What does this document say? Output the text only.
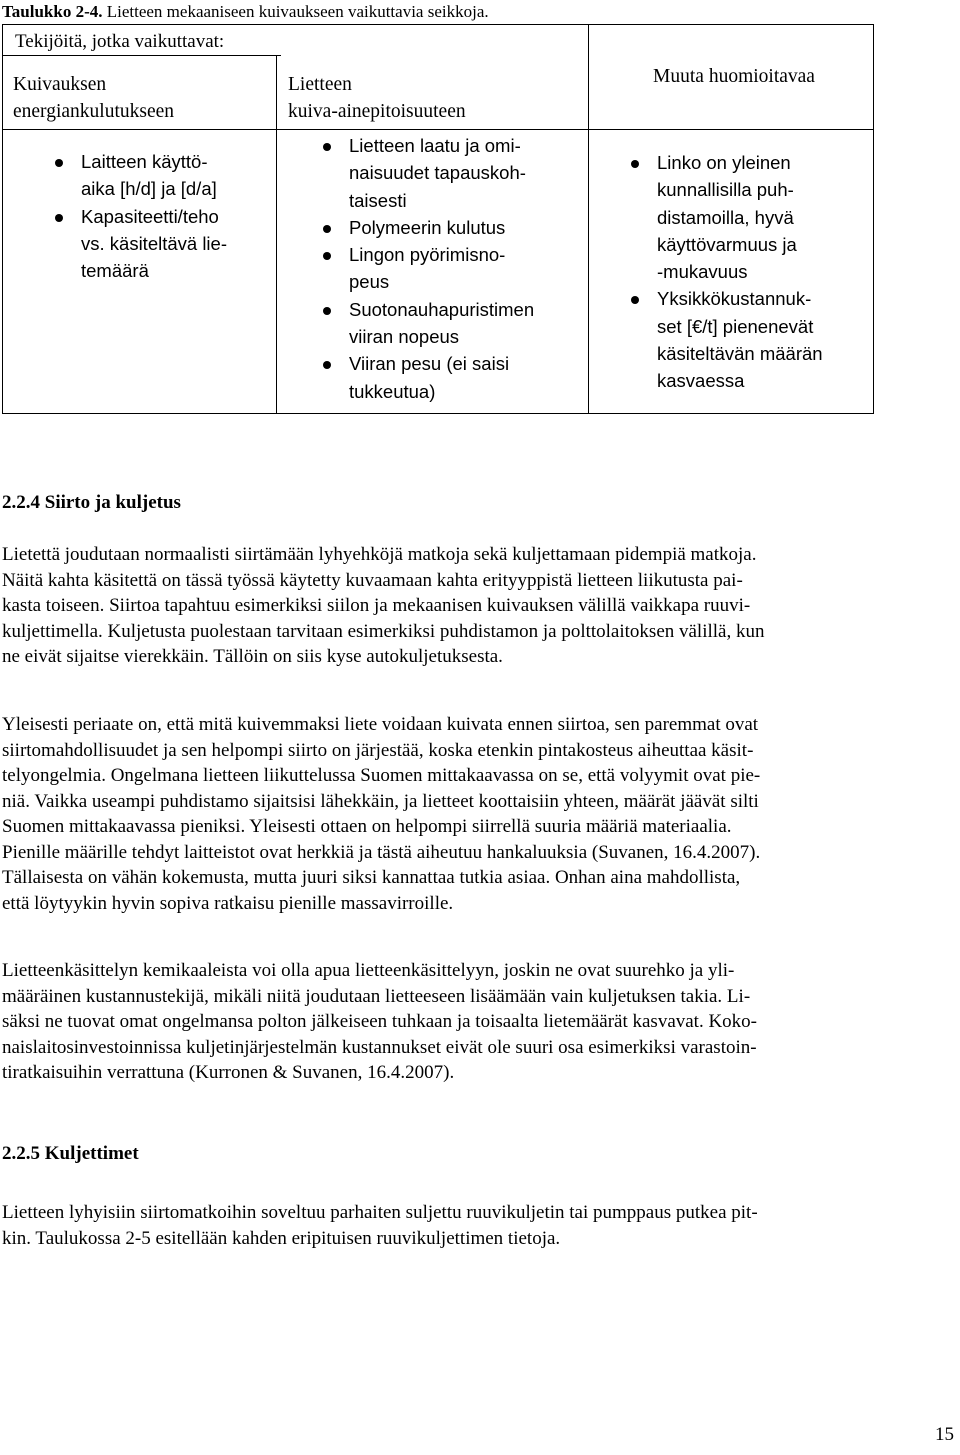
Taulukko 2-4. Lietteen mekaaniseen kuivaukseen vaikuttavia seikkoja.
Tekijöitä, jotka vaikuttavat:
Kuivauksen
energiankulutukseen
Lietteen
kuiva-ainepitoisuuteen
Muuta huomioitavaa
Laitteen käyttö-
aika [h/d] ja [d/a]
Kapasiteetti/teho
vs. käsiteltävä lie-
temäärä
Lietteen laatu ja omi-
naisuudet tapauskoh-
taisesti
Polymeerin kulutus
Lingon pyörimisno-
peus
Suotonauhapuristimen
viiran nopeus
Viiran pesu (ei saisi
tukkeutua)
Linko on yleinen
kunnallisilla puh-
distamoilla, hyvä
käyttövarmuus ja
-mukavuus
Yksikkökustannuk-
set [€/t] pienenevät
käsiteltävän määrän
kasvaessa
2.2.4 Siirto ja kuljetus
Lietettä joudutaan normaalisti siirtämään lyhyehköjä matkoja sekä kuljettamaan pidempiä matkoja.
Näitä kahta käsitettä on tässä työssä käytetty kuvaamaan kahta erityyppistä lietteen liikutusta pai-
kasta toiseen. Siirtoa tapahtuu esimerkiksi siilon ja mekaanisen kuivauksen välillä vaikkapa ruuvi-
kuljettimella. Kuljetusta puolestaan tarvitaan esimerkiksi puhdistamon ja polttolaitoksen välillä, kun
ne eivät sijaitse vierekkäin. Tällöin on siis kyse autokuljetuksesta.
Yleisesti periaate on, että mitä kuivemmaksi liete voidaan kuivata ennen siirtoa, sen paremmat ovat
siirtomahdollisuudet ja sen helpompi siirto on järjestää, koska etenkin pintakosteus aiheuttaa käsit-
telyongelmia. Ongelmana lietteen liikuttelussa Suomen mittakaavassa on se, että volyymit ovat pie-
niä. Vaikka useampi puhdistamo sijaitsisi lähekkäin, ja lietteet koottaisiin yhteen, määrät jäävät silti
Suomen mittakaavassa pieniksi. Yleisesti ottaen on helpompi siirrellä suuria määriä materiaalia.
Pienille määrille tehdyt laitteistot ovat herkkiä ja tästä aiheutuu hankaluuksia (Suvanen, 16.4.2007).
Tällaisesta on vähän kokemusta, mutta juuri siksi kannattaa tutkia asiaa. Onhan aina mahdollista,
että löytyykin hyvin sopiva ratkaisu pienille massavirroille.
Lietteenkäsittelyn kemikaaleista voi olla apua lietteenkäsittelyyn, joskin ne ovat suurehko ja yli-
määräinen kustannustekijä, mikäli niitä joudutaan lietteeseen lisäämään vain kuljetuksen takia. Li-
säksi ne tuovat omat ongelmansa polton jälkeiseen tuhkaan ja toisaalta lietemäärät kasvavat. Koko-
naislaitosinvestoinnissa kuljetinjärjestelmän kustannukset eivät ole suuri osa esimerkiksi varastoin-
tiratkaisuihin verrattuna (Kurronen & Suvanen, 16.4.2007).
2.2.5 Kuljettimet
Lietteen lyhyisiin siirtomatkoihin soveltuu parhaiten suljettu ruuvikuljetin tai pumppaus putkea pit-
kin. Taulukossa 2-5 esitellään kahden eripituisen ruuvikuljettimen tietoja.
15
